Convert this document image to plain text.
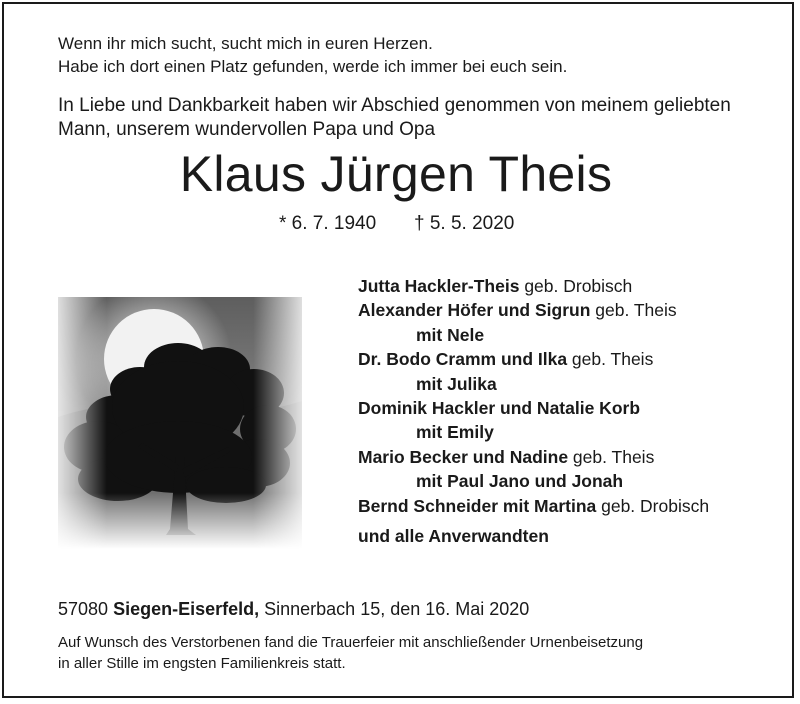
Wenn ihr mich sucht, sucht mich in euren Herzen.
Habe ich dort einen Platz gefunden, werde ich immer bei euch sein.
In Liebe und Dankbarkeit haben wir Abschied genommen von meinem geliebten
Mann, unserem wundervollen Papa und Opa
Klaus Jürgen Theis
* 6. 7. 1940 † 5. 5. 2020
Jutta Hackler-Theis geb. Drobisch
Alexander Höfer und Sigrun geb. Theis
mit Nele
Dr. Bodo Cramm und Ilka geb. Theis
mit Julika
Dominik Hackler und Natalie Korb
mit Emily
Mario Becker und Nadine geb. Theis
mit Paul Jano und Jonah
Bernd Schneider mit Martina geb. Drobisch
und alle Anverwandten
57080 Siegen-Eiserfeld, Sinnerbach 15, den 16. Mai 2020
Auf Wunsch des Verstorbenen fand die Trauerfeier mit anschließender Urnenbeisetzung
in aller Stille im engsten Familienkreis statt.
